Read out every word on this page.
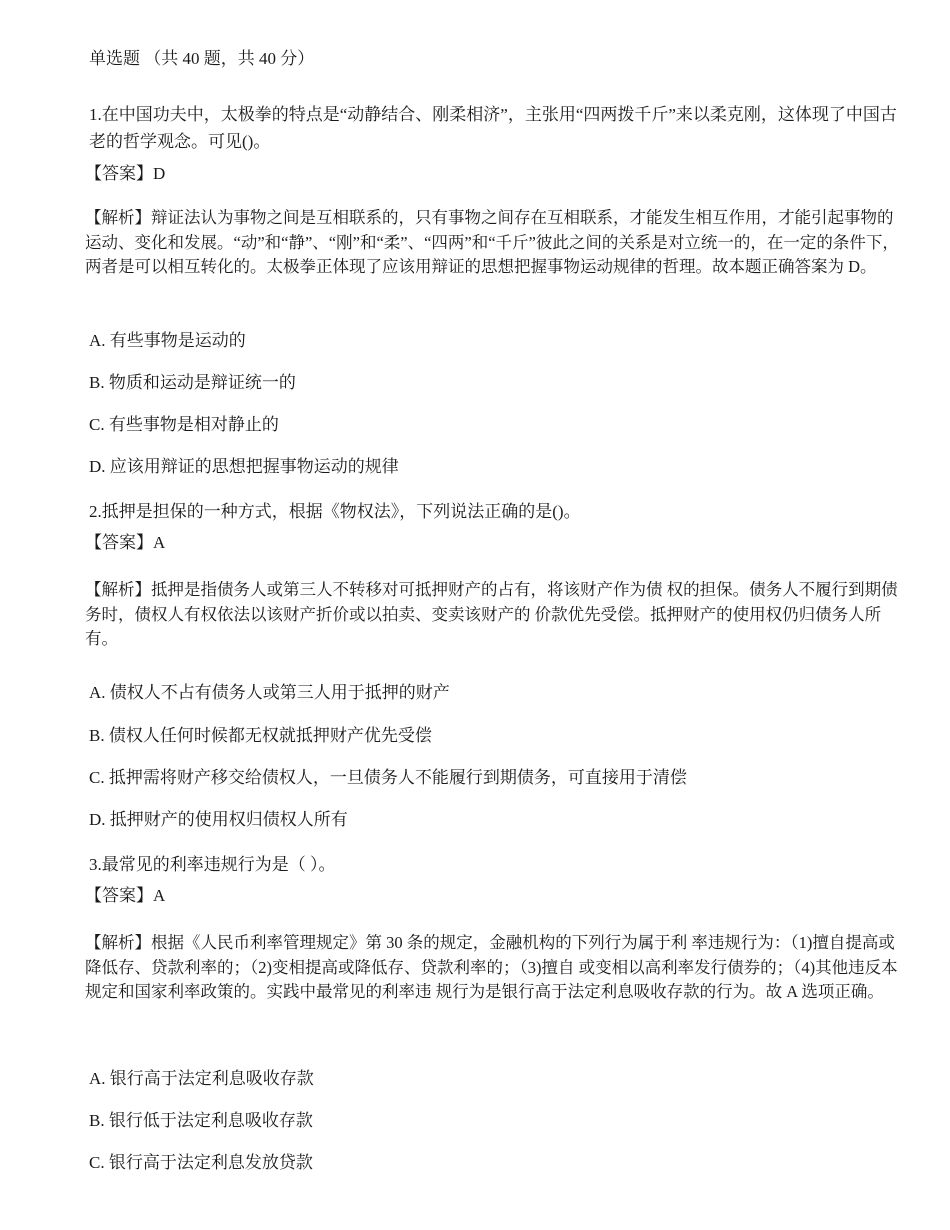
单选题 （共 40 题，共 40 分）
1.在中国功夫中，太极拳的特点是“动静结合、刚柔相济”，主张用“四两拨千斤”来以柔克刚，这体现了中国古老的哲学观念。可见()。
【答案】D
【解析】辩证法认为事物之间是互相联系的，只有事物之间存在互相联系，才能发生相互作用，才能引起事物的运动、变化和发展。“动”和“静”、“刚”和“柔”、“四两”和“千斤”彼此之间的关系是对立统一的，在一定的条件下，两者是可以相互转化的。太极拳正体现了应该用辩证的思想把握事物运动规律的哲理。故本题正确答案为 D。
A. 有些事物是运动的
B. 物质和运动是辩证统一的
C. 有些事物是相对静止的
D. 应该用辩证的思想把握事物运动的规律
2.抵押是担保的一种方式，根据《物权法》，下列说法正确的是()。
【答案】A
【解析】抵押是指债务人或第三人不转移对可抵押财产的占有，将该财产作为债 权的担保。债务人不履行到期债务时，债权人有权依法以该财产折价或以拍卖、变卖该财产的 价款优先受偿。抵押财产的使用权仍归债务人所有。
A. 债权人不占有债务人或第三人用于抵押的财产
B. 债权人任何时候都无权就抵押财产优先受偿
C. 抵押需将财产移交给债权人，一旦债务人不能履行到期债务，可直接用于清偿
D. 抵押财产的使用权归债权人所有
3.最常见的利率违规行为是（ ）。
【答案】A
【解析】根据《人民币利率管理规定》第 30 条的规定，金融机构的下列行为属于利 率违规行为：（1)擅自提高或降低存、贷款利率的；（2)变相提高或降低存、贷款利率的；（3)擅自 或变相以高利率发行债券的；（4)其他违反本规定和国家利率政策的。实践中最常见的利率违 规行为是银行高于法定利息吸收存款的行为。故 A 选项正确。
A. 银行高于法定利息吸收存款
B. 银行低于法定利息吸收存款
C. 银行高于法定利息发放贷款
